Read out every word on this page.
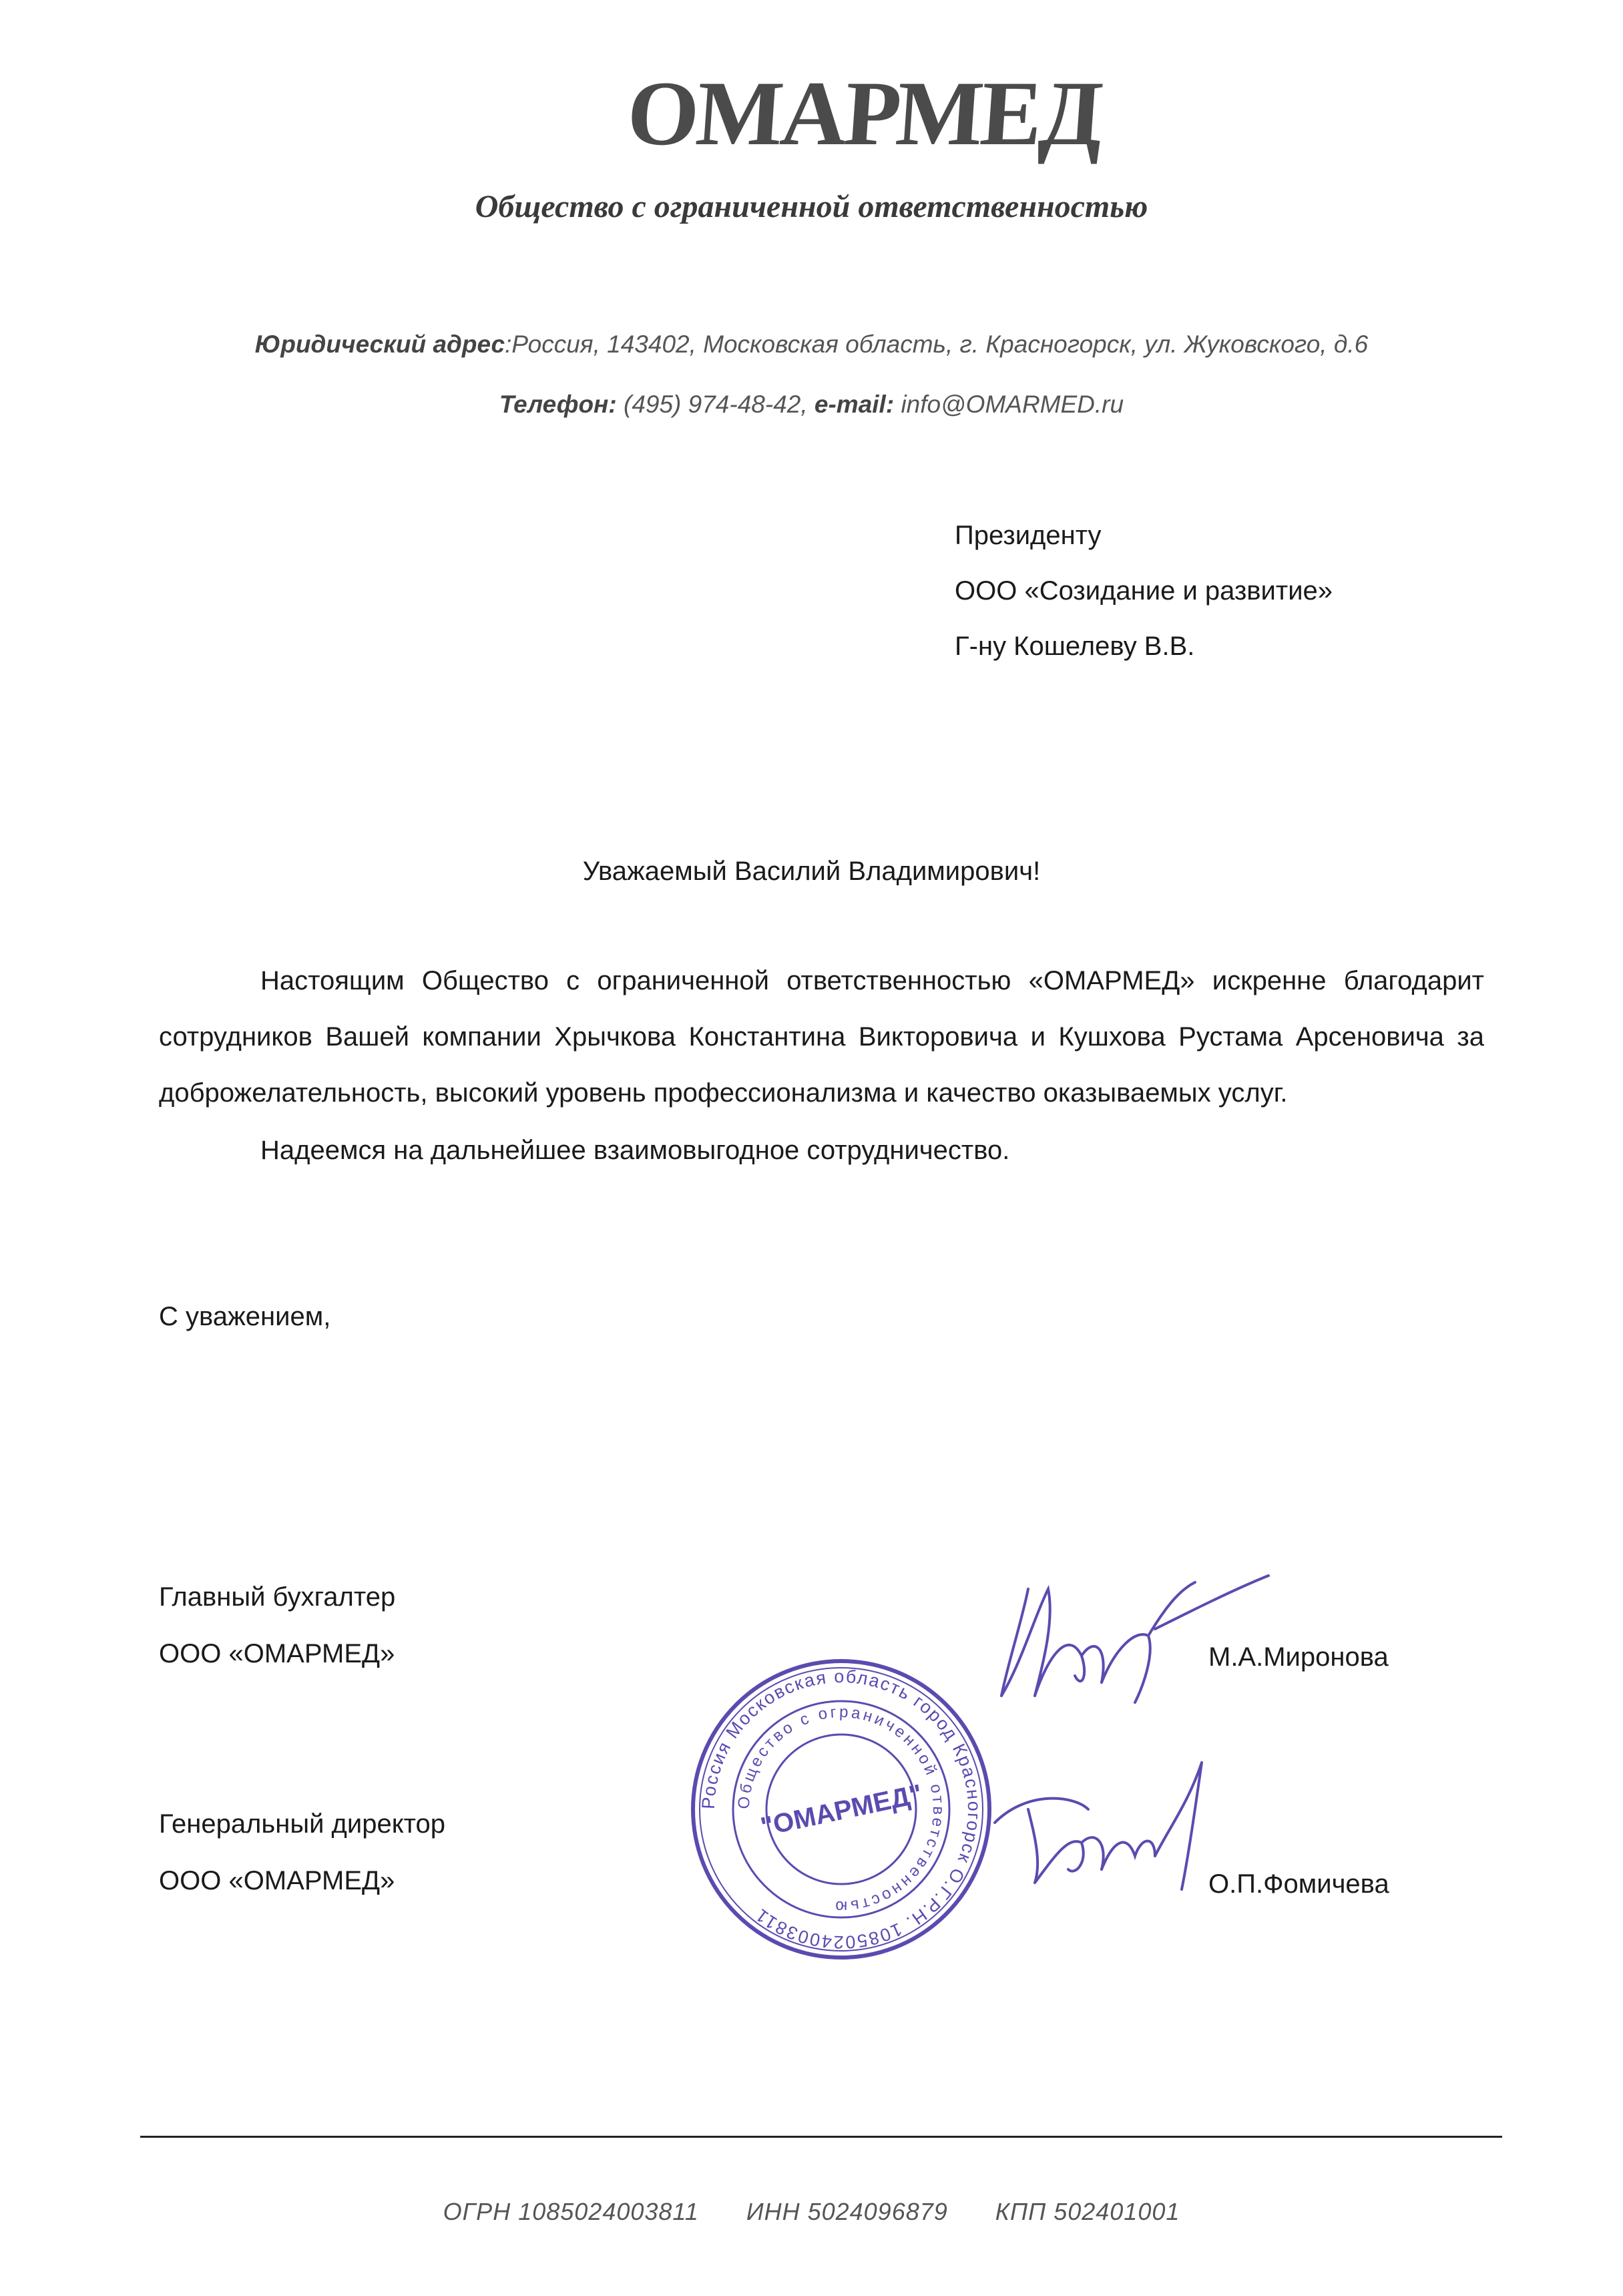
ОМАРМЕД
Общество с ограниченной ответственностью
Юридический адрес:Россия, 143402, Московская область, г. Красногорск, ул. Жуковского, д.6
Телефон: (495) 974-48-42, e-mail: info@OMARMED.ru
Президенту
ООО «Созидание и развитие»
Г-ну Кошелеву В.В.
Уважаемый Василий Владимирович!
Настоящим Общество с ограниченной ответственностью «ОМАРМЕД» искренне благодарит сотрудников Вашей компании Хрычкова Константина Викторовича и Кушхова Рустама Арсеновича за доброжелательность, высокий уровень профессионализма и качество оказываемых услуг.
Надеемся на дальнейшее взаимовыгодное сотрудничество.
С уважением,
Главный бухгалтер
ООО «ОМАРМЕД»	М.А.Миронова
Генеральный директор
ООО «ОМАРМЕД»	О.П.Фомичева
Россия Московская область город Красногорск О.Г.Р.Н. 1085024003811
Общество с ограниченной ответственностью
"ОМАРМЕД"
ОГРН 1085024003811 ИНН 5024096879 КПП 502401001
